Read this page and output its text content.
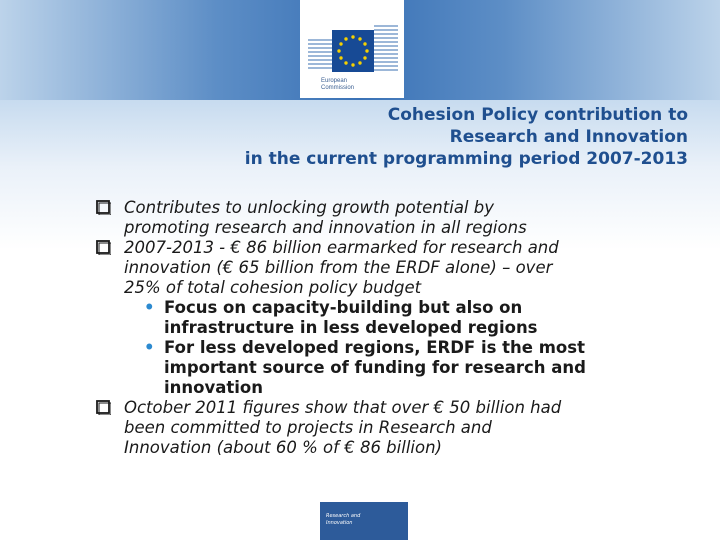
European
Commission
Cohesion Policy contribution to
Research and Innovation
in the current programming period 2007-2013
Contributes to unlocking growth potential by
promoting research and innovation in all regions
2007-2013 - € 86 billion earmarked for research and
innovation (€ 65 billion from the ERDF alone) – over
25% of total cohesion policy budget
• Focus on capacity-building but also on
infrastructure in less developed regions
• For less developed regions, ERDF is the most
important source of funding for research and
innovation
October 2011 figures show that over € 50 billion had
been committed to projects in Research and
Innovation (about 60 % of € 86 billion)
Research and
Innovation
